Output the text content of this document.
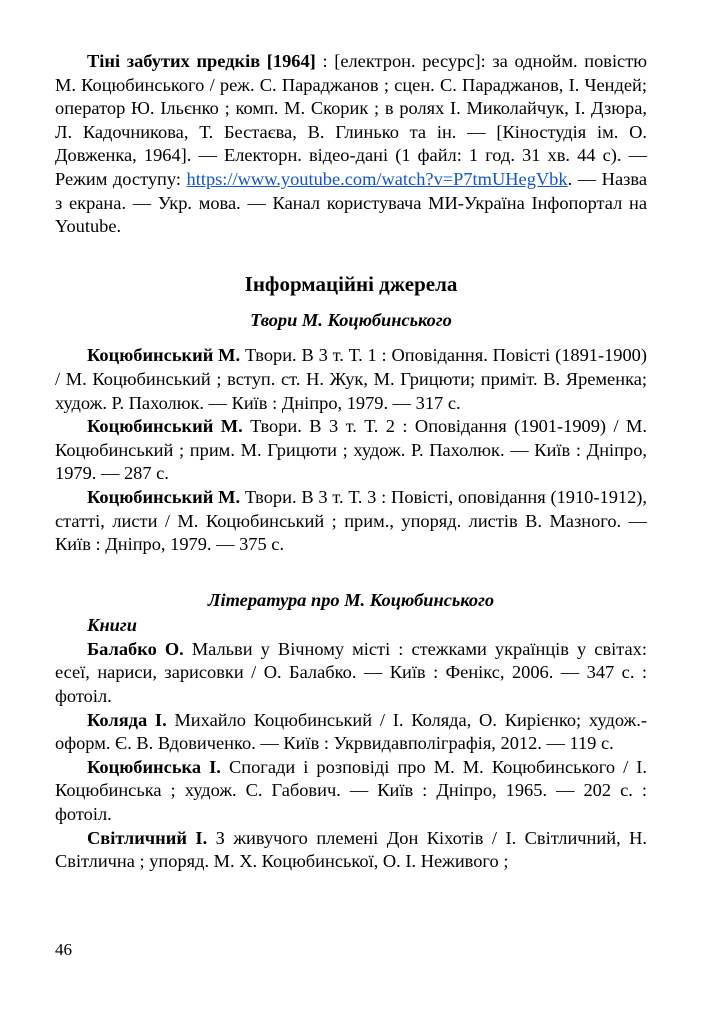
Тіні забутих предків [1964] : [електрон. ресурс]: за однойм. повістю М. Коцюбинського / реж. С. Параджанов ; сцен. С. Параджанов, І. Чендей; оператор Ю. Ільєнко ; комп. М. Скорик ; в ролях І. Миколайчук, І. Дзюра, Л. Кадочникова, Т. Бестаєва, В. Глинько та ін. — [Кіностудія ім. О. Довженка, 1964]. — Електорн. відео-дані (1 файл: 1 год. 31 хв. 44 с). — Режим доступу: https://www.youtube.com/watch?v=P7tmUHegVbk. — Назва з екрана. — Укр. мова. — Канал користувача МИ-Україна Інфопортал на Youtube.

Інформаційні джерела
Твори М. Коцюбинського

Коцюбинський М. Твори. В 3 т. Т. 1 : Оповідання. Повісті (1891-1900) / М. Коцюбинський ; вступ. ст. Н. Жук, М. Грицюти; приміт. В. Яременка; худож. Р. Пахолюк. — Київ : Дніпро, 1979. — 317 с.

Коцюбинський М. Твори. В 3 т. Т. 2 : Оповідання (1901-1909) / М. Коцюбинський ; прим. М. Грицюти ; худож. Р. Пахолюк. — Київ : Дніпро, 1979. — 287 с.

Коцюбинський М. Твори. В 3 т. Т. 3 : Повісті, оповідання (1910-1912), статті, листи / М. Коцюбинський ; прим., упоряд. листів В. Мазного. — Київ : Дніпро, 1979. — 375 с.

Література про М. Коцюбинського
Книги

Балабко О. Мальви у Вічному місті : стежками українців у світах: есеї, нариси, зарисовки / О. Балабко. — Київ : Фенікс, 2006. — 347 с. : фотоіл.

Коляда І. Михайло Коцюбинський / І. Коляда, О. Кирієнко; худож.-оформ. Є. В. Вдовиченко. — Київ : Укрвидавполіграфія, 2012. — 119 с.

Коцюбинська І. Спогади і розповіді про М. М. Коцюбинського / І. Коцюбинська ; худож. С. Габович. — Київ : Дніпро, 1965. — 202 с. : фотоіл.

Світличний І. З живучого племені Дон Кіхотів / І. Світличний, Н. Світлична ; упоряд. М. Х. Коцюбинської, О. І. Неживого ;

46
